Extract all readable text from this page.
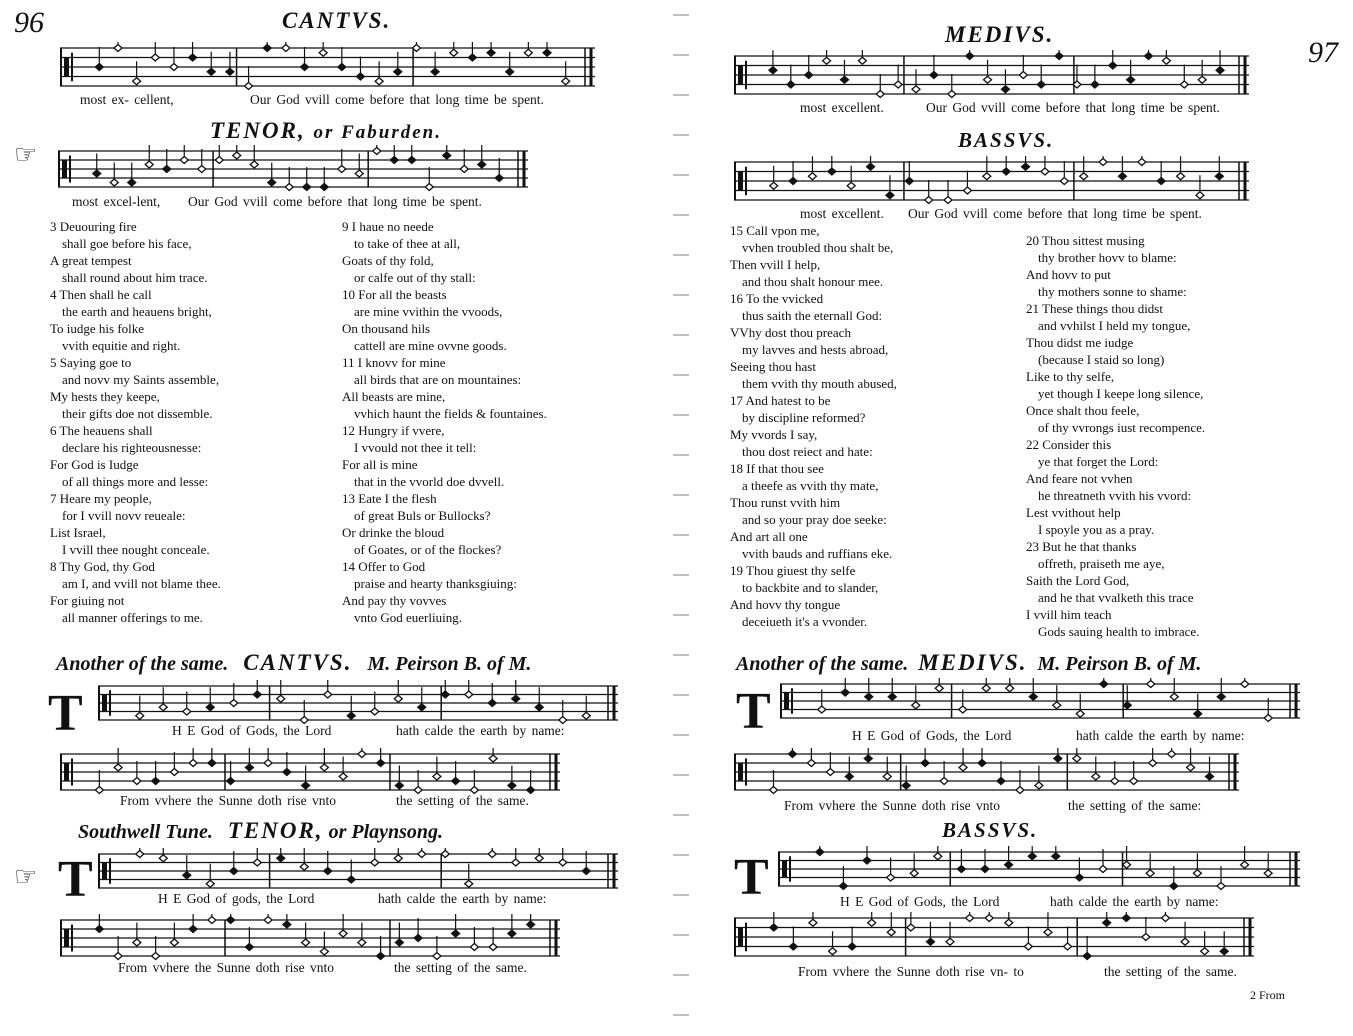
96	CANTVS.
most ex- cellent,	Our God vvill come before that long time be spent.
TENOR, or Faburden.
☞
most excel-lent, Our God vvill come before that long time be spent.
3 Deuouring fire
shall goe before his face,
A great tempest
shall round about him trace.
4 Then shall he call
the earth and heauens bright,
To iudge his folke
vvith equitie and right.
5 Saying goe to
and novv my Saints assemble,
My hests they keepe,
their gifts doe not dissemble.
6 The heauens shall
declare his righteousnesse:
For God is Iudge
of all things more and lesse:
7 Heare my people,
for I vvill novv reueale:
List Israel,
I vvill thee nought conceale.
8 Thy God, thy God
am I, and vvill not blame thee.
For giuing not
all manner offerings to me.
9 I haue no neede
to take of thee at all,
Goats of thy fold,
or calfe out of thy stall:
10 For all the beasts
are mine vvithin the vvoods,
On thousand hils
cattell are mine ovvne goods.
11 I knovv for mine
all birds that are on mountaines:
All beasts are mine,
vvhich haunt the fields & fountaines.
12 Hungry if vvere,
I vvould not thee it tell:
For all is mine
that in the vvorld doe dvvell.
13 Eate I the flesh
of great Buls or Bullocks?
Or drinke the bloud
of Goates, or of the flockes?
14 Offer to God
praise and hearty thanksgiuing:
And pay thy vovves
vnto God euerliuing.
Another of the same. CANTVS. M. Peirson B. of M.
T	H E God of Gods, the Lord	hath calde the earth by name:
From vvhere the Sunne doth rise vnto	the setting of the same.
Southwell Tune. TENOR, or Playnsong.
☞ T	H E God of gods, the Lord	hath calde the earth by name:
From vvhere the Sunne doth rise vnto	the setting of the same.
MEDIVS.
97
most excellent.	Our God vvill come before that long time be spent.
BASSVS.
most excellent. Our God vvill come before that long time be spent.
15 Call vpon me,
vvhen troubled thou shalt be,
Then vvill I help,
and thou shalt honour mee.
16 To the vvicked
thus saith the eternall God:
VVhy dost thou preach
my lavves and hests abroad,
Seeing thou hast
them vvith thy mouth abused,
17 And hatest to be
by discipline reformed?
My vvords I say,
thou dost reiect and hate:
18 If that thou see
a theefe as vvith thy mate,
Thou runst vvith him
and so your pray doe seeke:
And art all one
vvith bauds and ruffians eke.
19 Thou giuest thy selfe
to backbite and to slander,
And hovv thy tongue
deceiueth it's a vvonder.
20 Thou sittest musing
thy brother hovv to blame:
And hovv to put
thy mothers sonne to shame:
21 These things thou didst
and vvhilst I held my tongue,
Thou didst me iudge
(because I staid so long)
Like to thy selfe,
yet though I keepe long silence,
Once shalt thou feele,
of thy vvrongs iust recompence.
22 Consider this
ye that forget the Lord:
And feare not vvhen
he threatneth vvith his vvord:
Lest vvithout help
I spoyle you as a pray.
23 But he that thanks
offreth, praiseth me aye,
Saith the Lord God,
and he that vvalketh this trace
I vvill him teach
Gods sauing health to imbrace.
Another of the same. MEDIVS. M. Peirson B. of M.
T	H E God of Gods, the Lord	hath calde the earth by name:
From vvhere the Sunne doth rise vnto	the setting of the same:
BASSVS.
T	H E God of Gods, the Lord	hath calde the earth by name:
From vvhere the Sunne doth rise vn- to	the setting of the same.
2 From
